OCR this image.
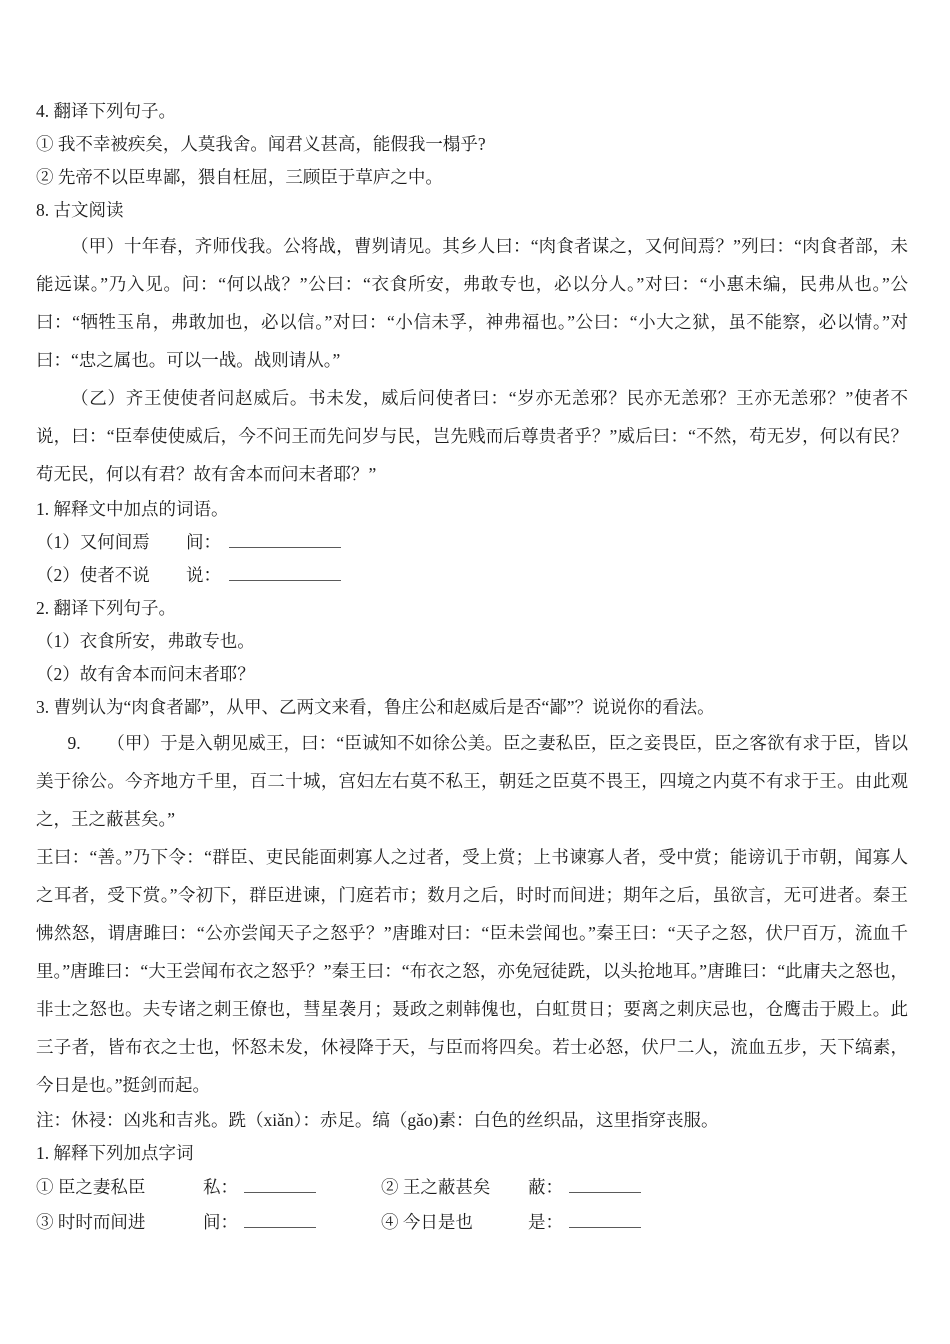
4. 翻译下列句子。
① 我不幸被疾矣，人莫我舍。闻君义甚高，能假我一榻乎?
② 先帝不以臣卑鄙，猥自枉屈，三顾臣于草庐之中。
8. 古文阅读

（甲）十年春，齐师伐我。公将战，曹刿请见。其乡人曰：“肉食者谋之，又何间焉？”列曰：“肉食者部，未能远谋。”乃入见。问：“何以战？”公曰：“衣食所安，弗敢专也，必以分人。”对曰：“小惠未编，民弗从也。”公曰：“牺牲玉帛，弗敢加也，必以信。”对曰：“小信未孚，神弗福也。”公曰：“小大之狱，虽不能察，必以情。”对曰：“忠之属也。可以一战。战则请从。”

（乙）齐王使使者问赵威后。书未发，威后问使者曰：“岁亦无恙邪？民亦无恙邪？王亦无恙邪？”使者不说，曰：“臣奉使使威后，今不问王而先问岁与民，岂先贱而后尊贵者乎？”威后曰：“不然，苟无岁，何以有民？苟无民，何以有君？故有舍本而问末者耶？”

1. 解释文中加点的词语。
（1）又何间焉	间：
（2）使者不说	说：
2. 翻译下列句子。
（1）衣食所安，弗敢专也。
（2）故有舍本而问末者耶？
3. 曹刿认为“肉食者鄙”，从甲、乙两文来看，鲁庄公和赵威后是否“鄙”？说说你的看法。

9.　　（甲）于是入朝见威王，曰：“臣诚知不如徐公美。臣之妻私臣，臣之妾畏臣，臣之客欲有求于臣，皆以美于徐公。今齐地方千里，百二十城，宫妇左右莫不私王，朝廷之臣莫不畏王，四境之内莫不有求于王。由此观之，王之蔽甚矣。”

王曰：“善。”乃下令：“群臣、吏民能面刺寡人之过者，受上赏；上书谏寡人者，受中赏；能谤讥于市朝，闻寡人之耳者，受下赏。”令初下，群臣进谏，门庭若市；数月之后，时时而间进；期年之后，虽欲言，无可进者。秦王怫然怒，谓唐雎曰：“公亦尝闻天子之怒乎？”唐雎对曰：“臣未尝闻也。”秦王曰：“天子之怒，伏尸百万，流血千里。”唐雎曰：“大王尝闻布衣之怒乎？”秦王曰：“布衣之怒，亦免冠徒跣，以头抢地耳。”唐雎曰：“此庸夫之怒也，非士之怒也。夫专诸之刺王僚也，彗星袭月；聂政之刺韩傀也，白虹贯日；要离之刺庆忌也，仓鹰击于殿上。此三子者，皆布衣之士也，怀怒未发，休祲降于天，与臣而将四矣。若士必怒，伏尸二人，流血五步，天下缟素，今日是也。”挺剑而起。

注：休祲：凶兆和吉兆。跣（xiǎn）：赤足。缟（gǎo)素：白色的丝织品，这里指穿丧服。
1. 解释下列加点字词
① 臣之妻私臣	私：	② 王之蔽甚矣	蔽：
③ 时时而间进	间：	④ 今日是也	是：
